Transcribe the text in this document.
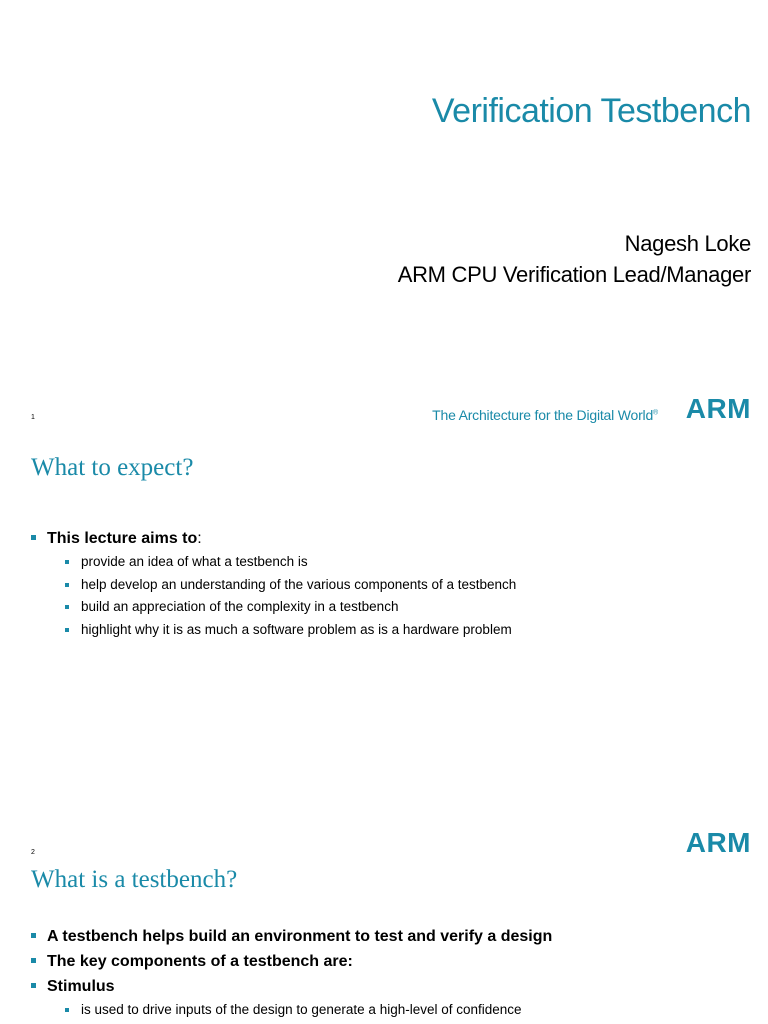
Verification Testbench
Nagesh Loke
ARM CPU Verification Lead/Manager
1	The Architecture for the Digital World® ARM
What to expect?
This lecture aims to:
provide an idea of what a testbench is
help develop an understanding of the various components of a testbench
build an appreciation of the complexity in a testbench
highlight why it is as much a software problem as is a hardware problem
2	ARM
What is a testbench?
A testbench helps build an environment to test and verify a design
The key components of a testbench are:
Stimulus
is used to drive inputs of the design to generate a high-level of confidence
